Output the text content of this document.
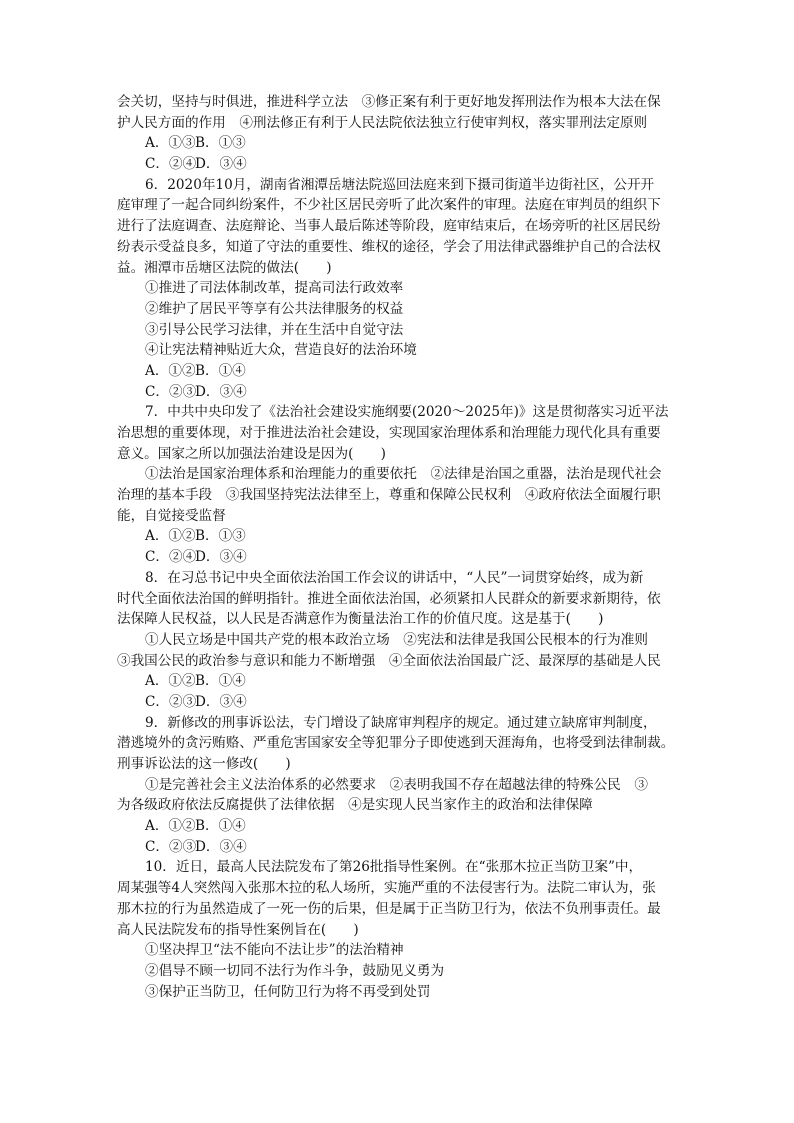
会关切，坚持与时俱进，推进科学立法　③修正案有利于更好地发挥刑法作为根本大法在保
护人民方面的作用　④刑法修正有利于人民法院依法独立行使审判权，落实罪刑法定原则
A．①③B．①③
C．②④D．③④
6．2020年10月，湖南省湘潭岳塘法院巡回法庭来到下摄司街道半边街社区，公开开
庭审理了一起合同纠纷案件，不少社区居民旁听了此次案件的审理。法庭在审判员的组织下
进行了法庭调查、法庭辩论、当事人最后陈述等阶段，庭审结束后，在场旁听的社区居民纷
纷表示受益良多，知道了守法的重要性、维权的途径，学会了用法律武器维护自己的合法权
益。湘潭市岳塘区法院的做法(　　)
①推进了司法体制改革，提高司法行政效率
②维护了居民平等享有公共法律服务的权益
③引导公民学习法律，并在生活中自觉守法
④让宪法精神贴近大众，营造良好的法治环境
A．①②B．①④
C．②③D．③④
7．中共中央印发了《法治社会建设实施纲要(2020～2025年)》这是贯彻落实习近平法
治思想的重要体现，对于推进法治社会建设，实现国家治理体系和治理能力现代化具有重要
意义。国家之所以加强法治建设是因为(　　)
①法治是国家治理体系和治理能力的重要依托　②法律是治国之重器，法治是现代社会
治理的基本手段　③我国坚持宪法法律至上，尊重和保障公民权利　④政府依法全面履行职
能，自觉接受监督
A．①②B．①③
C．②④D．③④
8．在习总书记中央全面依法治国工作会议的讲话中，“人民”一词贯穿始终，成为新
时代全面依法治国的鲜明指针。推进全面依法治国，必须紧扣人民群众的新要求新期待，依
法保障人民权益，以人民是否满意作为衡量法治工作的价值尺度。这是基于(　　)
①人民立场是中国共产党的根本政治立场　②宪法和法律是我国公民根本的行为准则
③我国公民的政治参与意识和能力不断增强　④全面依法治国最广泛、最深厚的基础是人民
A．①②B．①④
C．②③D．③④
9．新修改的刑事诉讼法，专门增设了缺席审判程序的规定。通过建立缺席审判制度，
潜逃境外的贪污贿赂、严重危害国家安全等犯罪分子即使逃到天涯海角，也将受到法律制裁。
刑事诉讼法的这一修改(　　)
①是完善社会主义法治体系的必然要求　②表明我国不存在超越法律的特殊公民　③
为各级政府依法反腐提供了法律依据　④是实现人民当家作主的政治和法律保障
A．①②B．①④
C．②③D．③④
10．近日，最高人民法院发布了第26批指导性案例。在“张那木拉正当防卫案”中，
周某强等4人突然闯入张那木拉的私人场所，实施严重的不法侵害行为。法院二审认为，张
那木拉的行为虽然造成了一死一伤的后果，但是属于正当防卫行为，依法不负刑事责任。最
高人民法院发布的指导性案例旨在(　　)
①坚决捍卫“法不能向不法让步”的法治精神
②倡导不顾一切同不法行为作斗争，鼓励见义勇为
③保护正当防卫，任何防卫行为将不再受到处罚
